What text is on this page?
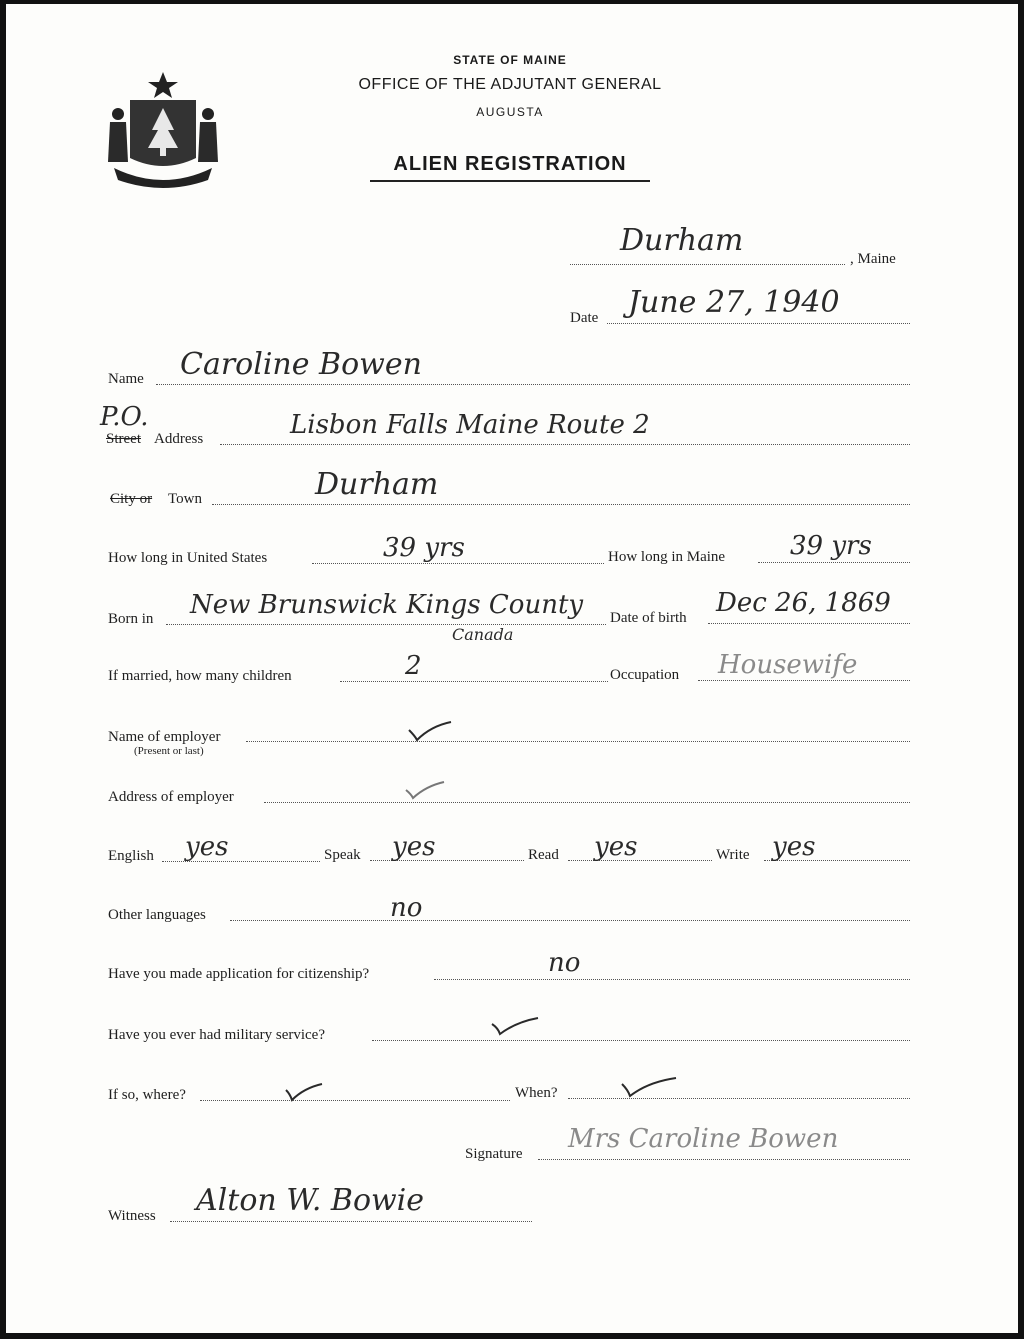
STATE OF MAINE
OFFICE OF THE ADJUTANT GENERAL
AUGUSTA
ALIEN REGISTRATION
Durham
, Maine
Date June 27, 1940
Name Caroline Bowen
P.O.
Street Address	Lisbon Falls Maine Route 2
City or Town	Durham
How long in United States	39 yrs	How long in Maine 39 yrs
Born in New Brunswick Kings County
Canada
Date of birth Dec 26, 1869
If married, how many children	2	Occupation Housewife
Name of employer
(Present or last)
Address of employer
English yes	Speak yes	Read yes	Write yes
Other languages	no
Have you made application for citizenship?	no
Have you ever had military service?
If so, where?	When?
Signature Mrs Caroline Bowen
Witness Alton W. Bowie
